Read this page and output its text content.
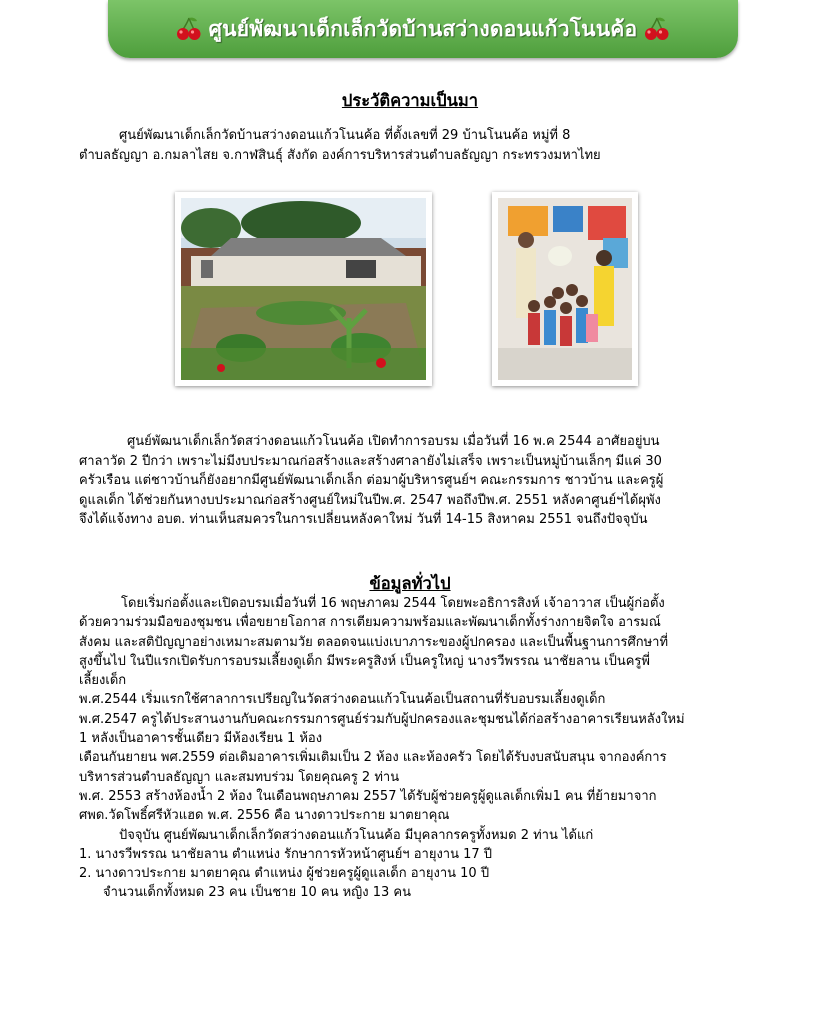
ศูนย์พัฒนาเด็กเล็กวัดบ้านสว่างดอนแก้วโนนค้อ
ประวัติความเป็นมา
ศูนย์พัฒนาเด็กเล็กวัดบ้านสว่างดอนแก้วโนนค้อ ที่ตั้งเลขที่ 29 บ้านโนนค้อ หมู่ที่ 8
ตำบลธัญญา อ.กมลาไสย จ.กาฬสินธุ์ สังกัด องค์การบริหารส่วนตำบลธัญญา กระทรวงมหาไทย
ศูนย์พัฒนาเด็กเล็กวัดสว่างดอนแก้วโนนค้อ เปิดทำการอบรม เมื่อวันที่ 16 พ.ค 2544 อาศัยอยู่บน
ศาลาวัด 2 ปีกว่า เพราะไม่มีงบประมาณก่อสร้างและสร้างศาลายังไม่เสร็จ เพราะเป็นหมู่บ้านเล็กๆ มีแค่ 30
ครัวเรือน แต่ชาวบ้านก็ยังอยากมีศูนย์พัฒนาเด็กเล็ก ต่อมาผู้บริหารศูนย์ฯ คณะกรรมการ ชาวบ้าน และครูผู้
ดูแลเด็ก ได้ช่วยกันหางบประมาณก่อสร้างศูนย์ใหม่ในปีพ.ศ. 2547 พอถึงปีพ.ศ. 2551 หลังคาศูนย์ฯได้ผุพัง
จึงได้แจ้งทาง อบต. ท่านเห็นสมควรในการเปลี่ยนหลังคาใหม่ วันที่ 14-15 สิงหาคม 2551 จนถึงปัจจุบัน
ข้อมูลทั่วไป
โดยเริ่มก่อตั้งและเปิดอบรมเมื่อวันที่ 16 พฤษภาคม 2544 โดยพะอธิการสิงห์ เจ้าอาวาส เป็นผู้ก่อตั้ง
ด้วยความร่วมมือของชุมชน เพื่อขยายโอกาส การเตียมความพร้อมและพัฒนาเด็กทั้งร่างกายจิตใจ อารมณ์
สังคม และสติปัญญาอย่างเหมาะสมตามวัย ตลอดจนแบ่งเบาภาระของผู้ปกครอง และเป็นพื้นฐานการศึกษาที่
สูงขึ้นไป ในปีแรกเปิดรับการอบรมเลี้ยงดูเด็ก มีพระครูสิงห์ เป็นครูใหญ่ นางรวีพรรณ นาชัยลาน เป็นครูพี่
เลี้ยงเด็ก
พ.ศ.2544 เริ่มแรกใช้ศาลาการเปรียญในวัดสว่างดอนแก้วโนนค้อเป็นสถานที่รับอบรมเลี้ยงดูเด็ก
พ.ศ.2547 ครูได้ประสานงานกับคณะกรรมการศูนย์ร่วมกับผู้ปกครองและชุมชนได้ก่อสร้างอาคารเรียนหลังใหม่
1 หลังเป็นอาคารชั้นเดียว มีห้องเรียน 1 ห้อง
เดือนกันยายน พศ.2559 ต่อเดิมอาคารเพิ่มเติมเป็น 2 ห้อง และห้องครัว โดยได้รับงบสนับสนุน จากองค์การ
บริหารส่วนตำบลธัญญา และสมทบร่วม โดยคุณครู 2 ท่าน
พ.ศ. 2553 สร้างห้องน้ำ 2 ห้อง ในเดือนพฤษภาคม 2557 ได้รับผู้ช่วยครูผู้ดูแลเด็กเพิ่ม1 คน ที่ย้ายมาจาก
ศพด.วัดโพธิ์ศรีหัวแฮด พ.ศ. 2556 คือ นางดาวประกาย มาตยาคุณ
ปัจจุบัน ศูนย์พัฒนาเด็กเล็กวัดสว่างดอนแก้วโนนค้อ มีบุคลากรครูทั้งหมด 2 ท่าน ได้แก่
1. นางรวีพรรณ นาชัยลาน ตำแหน่ง รักษาการหัวหน้าศูนย์ฯ อายุงาน 17 ปี
2. นางดาวประกาย มาตยาคุณ ตำแหน่ง ผู้ช่วยครูผู้ดูแลเด็ก อายุงาน 10 ปี
จำนวนเด็กทั้งหมด 23 คน เป็นชาย 10 คน หญิง 13 คน
